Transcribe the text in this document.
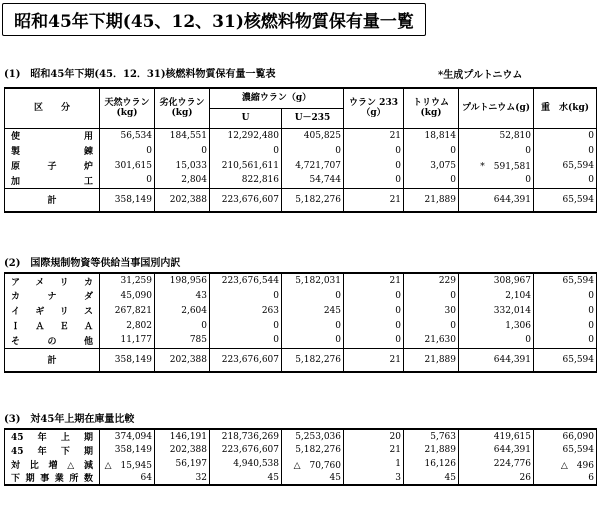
昭和45年下期(45、12、31)核燃料物質保有量一覧
(1)　昭和45年下期(45．12．31)核燃料物質保有量一覧表	*生成プルトニウム
区　　分	天然ウラン(kg)	劣化ウラン(kg)	濃縮ウラン（g）		ウラン 233（g）	トリウム(kg)	プルトニウム(g)	重　水(kg)
			U	U－235				
使　　　用	56,534	184,551	12,292,480	405,825	21	18,814	52,810	0
製　　　錬	0	0	0	0	0	0	0	0
原　子　炉	301,615	15,033	210,561,611	4,721,707	0	3,075	*　591,581	65,594
加　　　工	0	2,804	822,816	54,744	0	0	0	0
計	358,149	202,388	223,676,607	5,182,276	21	21,889	644,391	65,594
(2)　国際規制物資等供給当事国別内訳
ア　メ　リ　カ	31,259	198,956	223,676,544	5,182,031	21	229	308,967	65,594
カ　　ナ　　ダ	45,090	43	0	0	0	0	2,104	0
イ　ギ　リ　ス	267,821	2,604	263	245	0	30	332,014	0
Ｉ　Ａ　Ｅ　Ａ	2,802	0	0	0	0	0	1,306	0
そ　　の　　他	11,177	785	0	0	0	21,630	0	0
計	358,149	202,388	223,676,607	5,182,276	21	21,889	644,391	65,594
(3)　対45年上期在庫量比較
45　年　上　期	374,094	146,191	218,736,269	5,253,036	20	5,763	419,615	66,090
45　年　下　期	358,149	202,388	223,676,607	5,182,276	21	21,889	644,391	65,594
対 比 増 △ 減	△　15,945	56,197	4,940,538	△　70,760	1	16,126	224,776	△　496
下期事業所数	64	32	45	45	3	45	26	6
